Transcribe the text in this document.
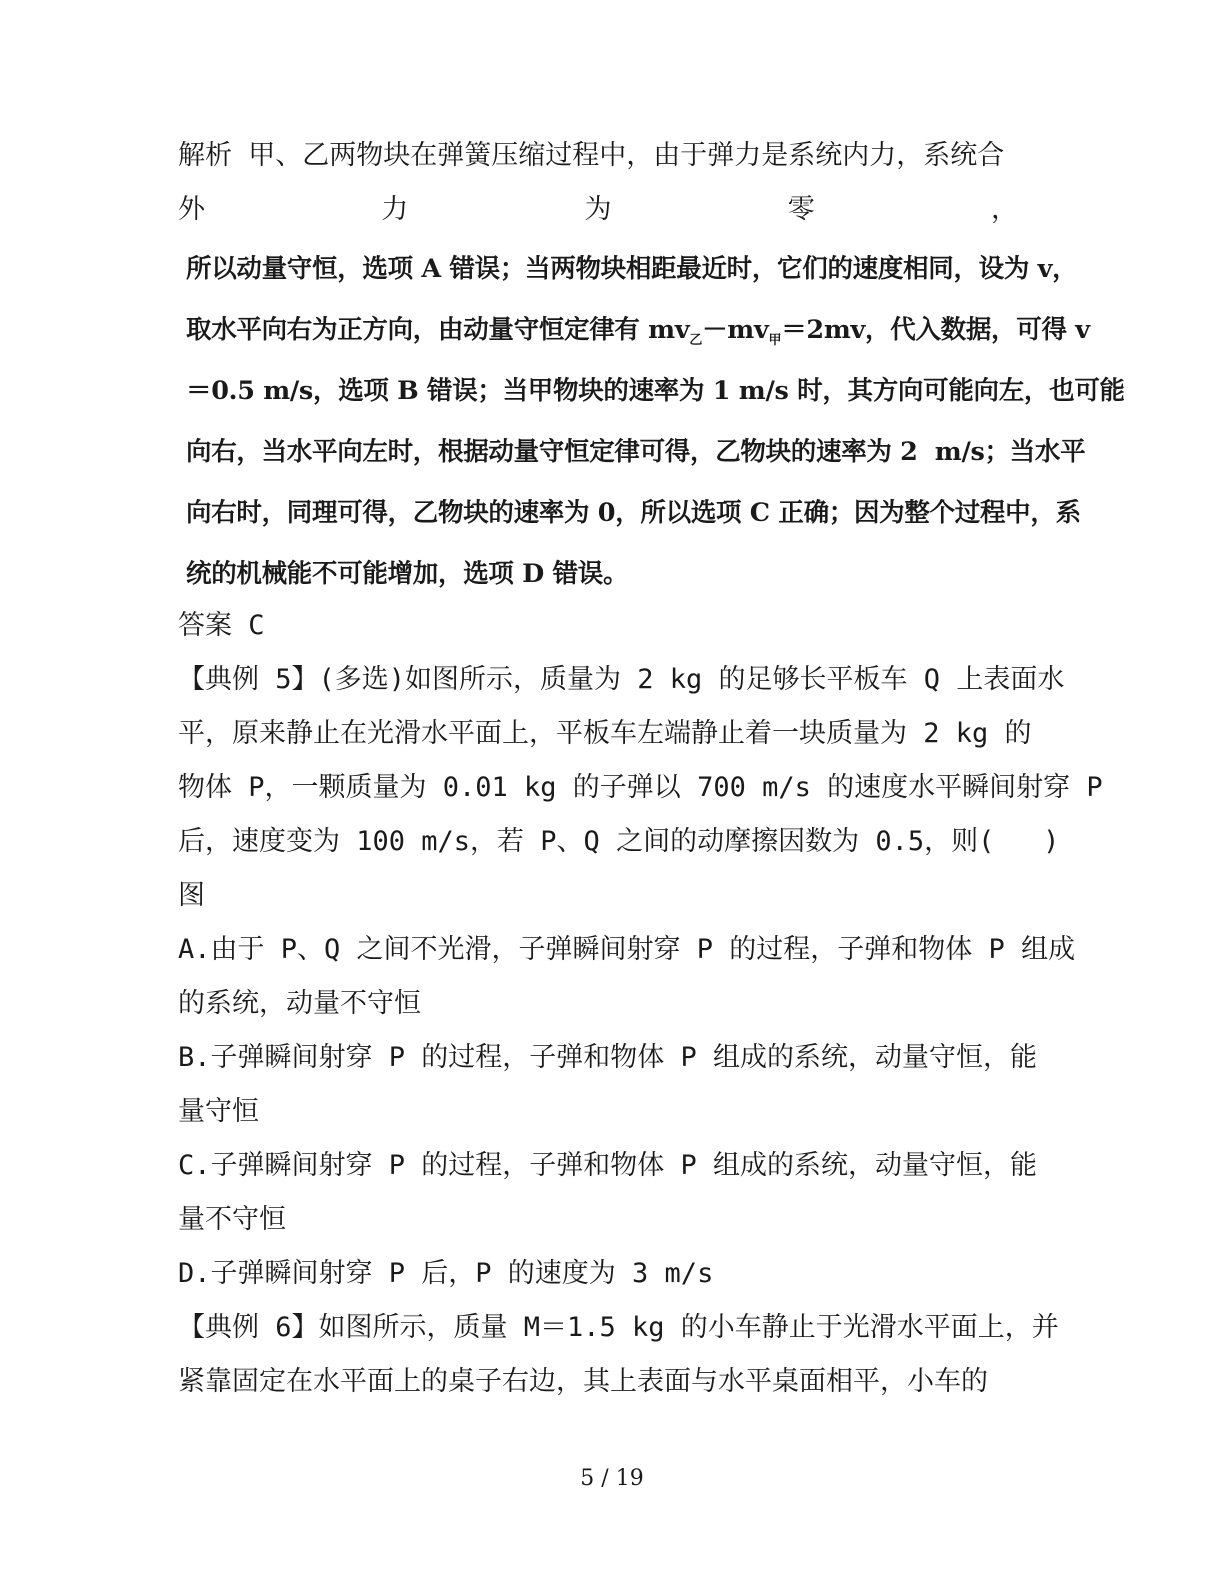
解析 甲、乙两物块在弹簧压缩过程中，由于弹力是系统内力，系统合
外	力	为	零	，
所以动量守恒，选项 A 错误；当两物块相距最近时，它们的速度相同，设为 v，
取水平向右为正方向，由动量守恒定律有 $mv_乙-mv_甲=2mv$，代入数据，可得 v
＝0.5 m/s，选项 B 错误；当甲物块的速率为 1 m/s 时，其方向可能向左，也可能
向右，当水平向左时，根据动量守恒定律可得，乙物块的速率为 2  m/s；当水平
向右时，同理可得，乙物块的速率为 0，所以选项 C 正确；因为整个过程中，系
统的机械能不可能增加，选项 D 错误。
答案 C
【典例 5】(多选)如图所示，质量为 2 kg 的足够长平板车 Q 上表面水
平，原来静止在光滑水平面上，平板车左端静止着一块质量为 2 kg 的
物体 P，一颗质量为 0.01 kg 的子弹以 700 m/s 的速度水平瞬间射穿 P
后，速度变为 100 m/s，若 P、Q 之间的动摩擦因数为 0.5，则(   )
图
A.由于 P、Q 之间不光滑，子弹瞬间射穿 P 的过程，子弹和物体 P 组成
的系统，动量不守恒
B.子弹瞬间射穿 P 的过程，子弹和物体 P 组成的系统，动量守恒，能
量守恒
C.子弹瞬间射穿 P 的过程，子弹和物体 P 组成的系统，动量守恒，能
量不守恒
D.子弹瞬间射穿 P 后，P 的速度为 3 m/s
【典例 6】如图所示，质量 M＝1.5 kg 的小车静止于光滑水平面上，并
紧靠固定在水平面上的桌子右边，其上表面与水平桌面相平，小车的
5 / 19
